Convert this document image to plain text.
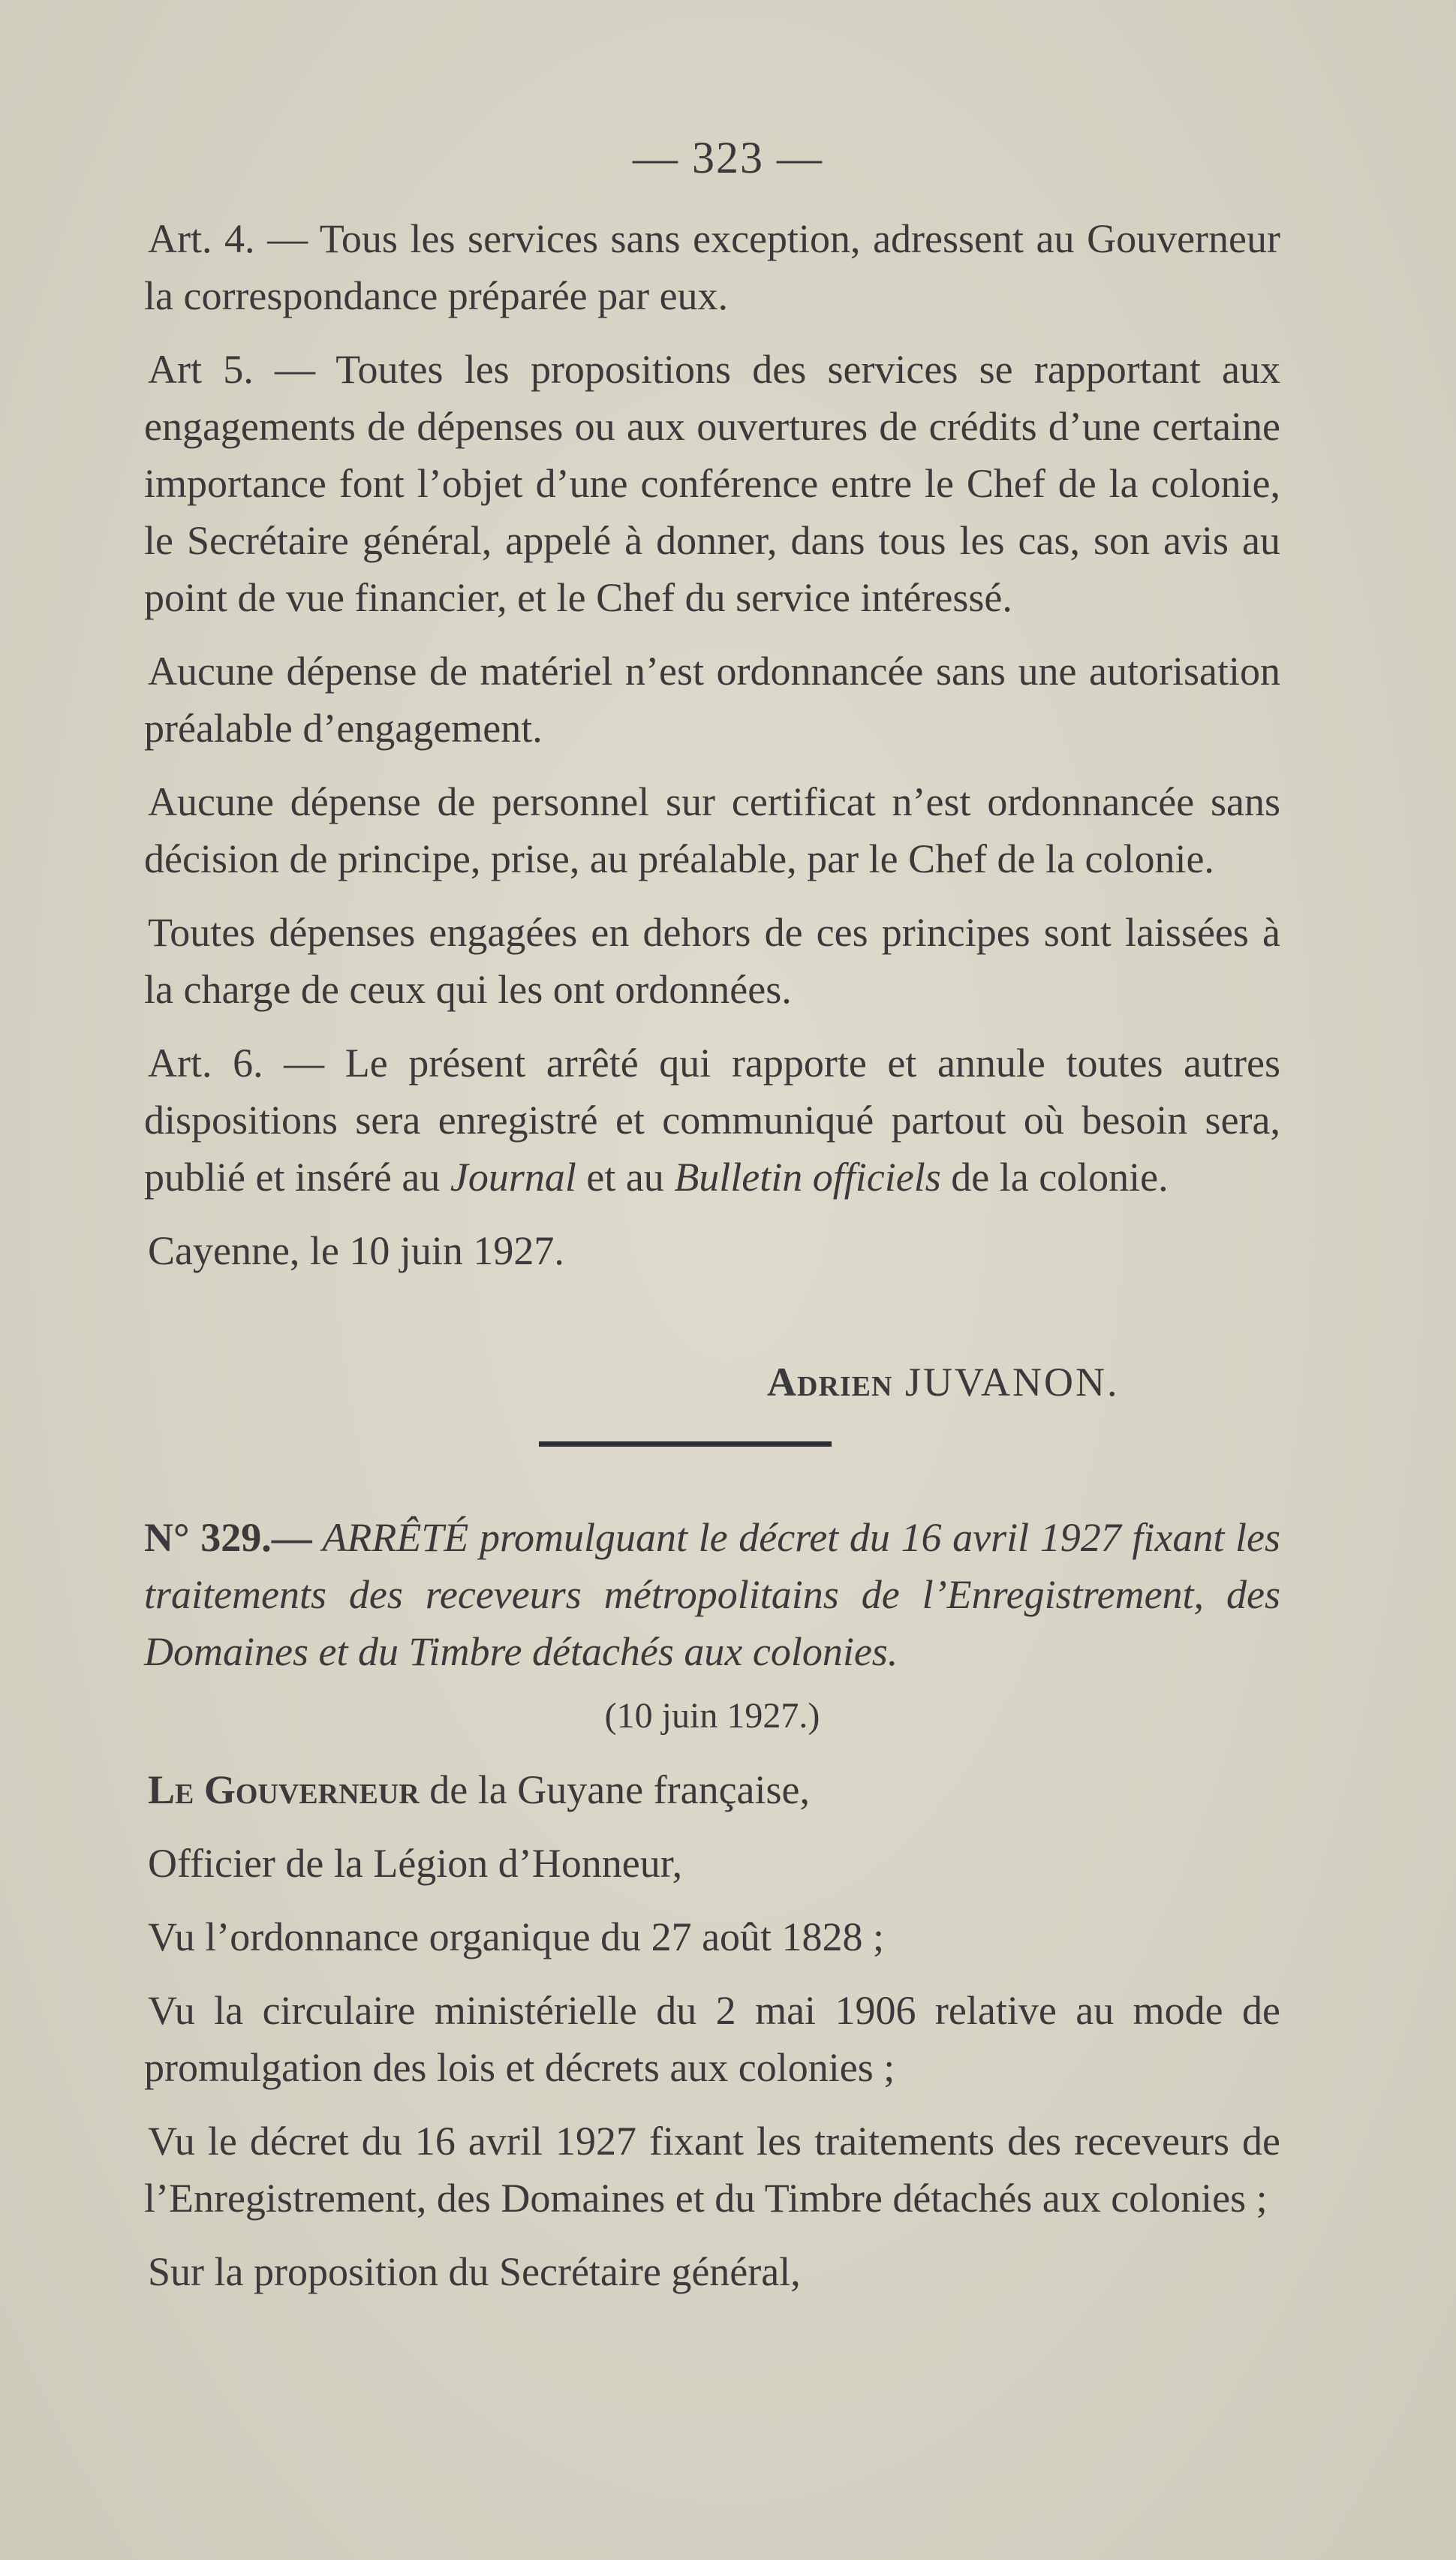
— 323 —

Art. 4. — Tous les services sans exception, adressent au Gouverneur la correspondance préparée par eux.

Art 5. — Toutes les propositions des services se rapportant aux engagements de dépenses ou aux ouvertures de crédits d’une certaine importance font l’objet d’une conférence entre le Chef de la colonie, le Secrétaire général, appelé à donner, dans tous les cas, son avis au point de vue financier, et le Chef du service intéressé.

Aucune dépense de matériel n’est ordonnancée sans une autorisation préalable d’engagement.

Aucune dépense de personnel sur certificat n’est ordonnancée sans décision de principe, prise, au préalable, par le Chef de la colonie.

Toutes dépenses engagées en dehors de ces principes sont laissées à la charge de ceux qui les ont ordonnées.

Art. 6. — Le présent arrêté qui rapporte et annule toutes autres dispositions sera enregistré et communiqué partout où besoin sera, publié et inséré au Journal et au Bulletin officiels de la colonie.

Cayenne, le 10 juin 1927.

Adrien JUVANON.

N° 329.— ARRÊTÉ promulguant le décret du 16 avril 1927 fixant les traitements des receveurs métropolitains de l’Enregistrement, des Domaines et du Timbre détachés aux colonies.

(10 juin 1927.)

Le Gouverneur de la Guyane française,

Officier de la Légion d’Honneur,

Vu l’ordonnance organique du 27 août 1828 ;

Vu la circulaire ministérielle du 2 mai 1906 relative au mode de promulgation des lois et décrets aux colonies ;

Vu le décret du 16 avril 1927 fixant les traitements des receveurs de l’Enregistrement, des Domaines et du Timbre détachés aux colonies ;

Sur la proposition du Secrétaire général,
